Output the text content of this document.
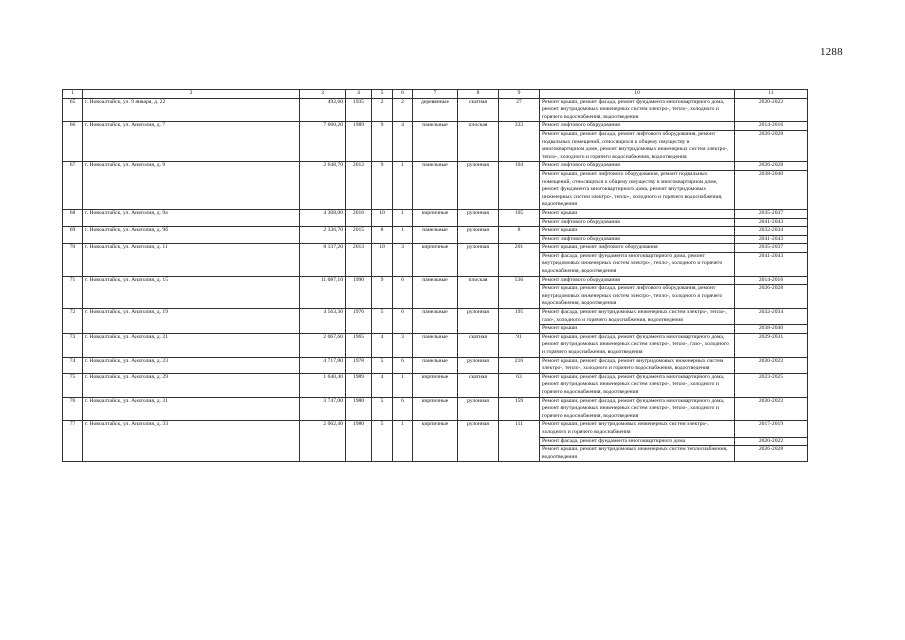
1288
1	2	3	4	5	6	7	8	9	10	11
65	г. Новоалтайск, ул. 9 января, д. 22	492,60	1935	2	2	деревянные	скатная	27	Ремонт крыши, ремонт фасада, ремонт фундамента многоквартирного дома, ремонт внутридомовых инженерных систем электро-, тепло-, холодного и горячего водоснабжения, водоотведения	2020-2022
66	г. Новоалтайск, ул. Анатолия, д. 7	7 660,20	1989	9	4	панельные	плоская	333	Ремонт лифтового оборудования	2014-2016
									Ремонт крыши, ремонт фасада, ремонт лифтового оборудования, ремонт подвальных помещений, относящихся к общему имуществу в многоквартирном доме, ремонт внутридомовых инженерных систем электро-, тепло-, холодного и горячего водоснабжения, водоотведения	2026-2028
67	г. Новоалтайск, ул. Анатолия, д. 9	2 648,70	2012	9	1	панельные	рулонная	104	Ремонт лифтового оборудования	2026-2028
									Ремонт крыши, ремонт лифтового оборудования, ремонт подвальных помещений, относящихся к общему имуществу в многоквартирном доме, ремонт фундамента многоквартирного дома, ремонт внутридомовых инженерных систем электро-, тепло-, холодного и горячего водоснабжения, водоотведения	2038-2040
68	г. Новоалтайск, ул. Анатолия, д. 9а	4 308,00	2016	10	1	кирпичные	рулонная	105	Ремонт крыши	2035-2037
									Ремонт лифтового оборудования	2041-2043
69	г. Новоалтайск, ул. Анатолия, д. 9б	2 336,70	2015	8	1	панельные	рулонная	8	Ремонт крыши	2032-2034
									Ремонт лифтового оборудования	2041-2043
70	г. Новоалтайск, ул. Анатолия, д. 11	8 137,20	2013	10	3	кирпичные	рулонная	201	Ремонт крыши, ремонт лифтового оборудования	2035-2037
									Ремонт фасада, ремонт фундамента многоквартирного дома, ремонт внутридомовых инженерных систем электро-, тепло-, холодного и горячего водоснабжения, водоотведения	2041-2043
71	г. Новоалтайск, ул. Анатолия, д. 15	11 087,10	1990	9	6	панельные	плоская	536	Ремонт лифтового оборудования	2014-2016
									Ремонт крыши, ремонт фасада, ремонт лифтового оборудования, ремонт внутридомовых инженерных систем электро-, тепло-, холодного и горячего водоснабжения, водоотведения	2026-2028
72	г. Новоалтайск, ул. Анатолия, д. 19	4 563,30	1976	5	6	панельные	рулонная	195	Ремонт фасада, ремонт внутридомовых инженерных систем электро-, тепло-, газо-, холодного и горячего водоснабжения, водоотведения	2032-2034
									Ремонт крыши	2038-2040
73	г. Новоалтайск, ул. Анатолия, д. 21	2 067,60	1965	4	3	панельные	скатная	91	Ремонт крыши, ремонт фасада, ремонт фундамента многоквартирного дома, ремонт внутридомовых инженерных систем электро-, тепло-, газо-, холодного и горячего водоснабжения, водоотведения	2029-2031
74	г. Новоалтайск, ул. Анатолия, д. 23	4 717,80	1978	5	6	панельные	рулонная	216	Ремонт крыши, ремонт фасада, ремонт внутридомовых инженерных систем электро-, тепло-, холодного и горячего водоснабжения, водоотведения	2020-2022
75	г. Новоалтайск, ул. Анатолия, д. 29	1 640,40	1989	4	1	кирпичные	скатная	63	Ремонт крыши, ремонт фасада, ремонт фундамента многоквартирного дома, ремонт внутридомовых инженерных систем электро-, тепло-, холодного и горячего водоснабжения, водоотведения	2023-2025
76	г. Новоалтайск, ул. Анатолия, д. 31	3 747,00	1980	5	6	кирпичные	рулонная	159	Ремонт крыши, ремонт фасада, ремонт фундамента многоквартирного дома, ремонт внутридомовых инженерных систем электро-, тепло-, холодного и горячего водоснабжения, водоотведения	2020-2022
77	г. Новоалтайск, ул. Анатолия, д. 33	2 062,40	1980	5	1	кирпичные	рулонная	111	Ремонт крыши, ремонт внутридомовых инженерных систем электро-, холодного и горячего водоснабжения	2017-2019
									Ремонт фасада, ремонт фундамента многоквартирного дома	2020-2022
									Ремонт крыши, ремонт внутридомовых инженерных систем теплоснабжения, водоотведения	2026-2028
